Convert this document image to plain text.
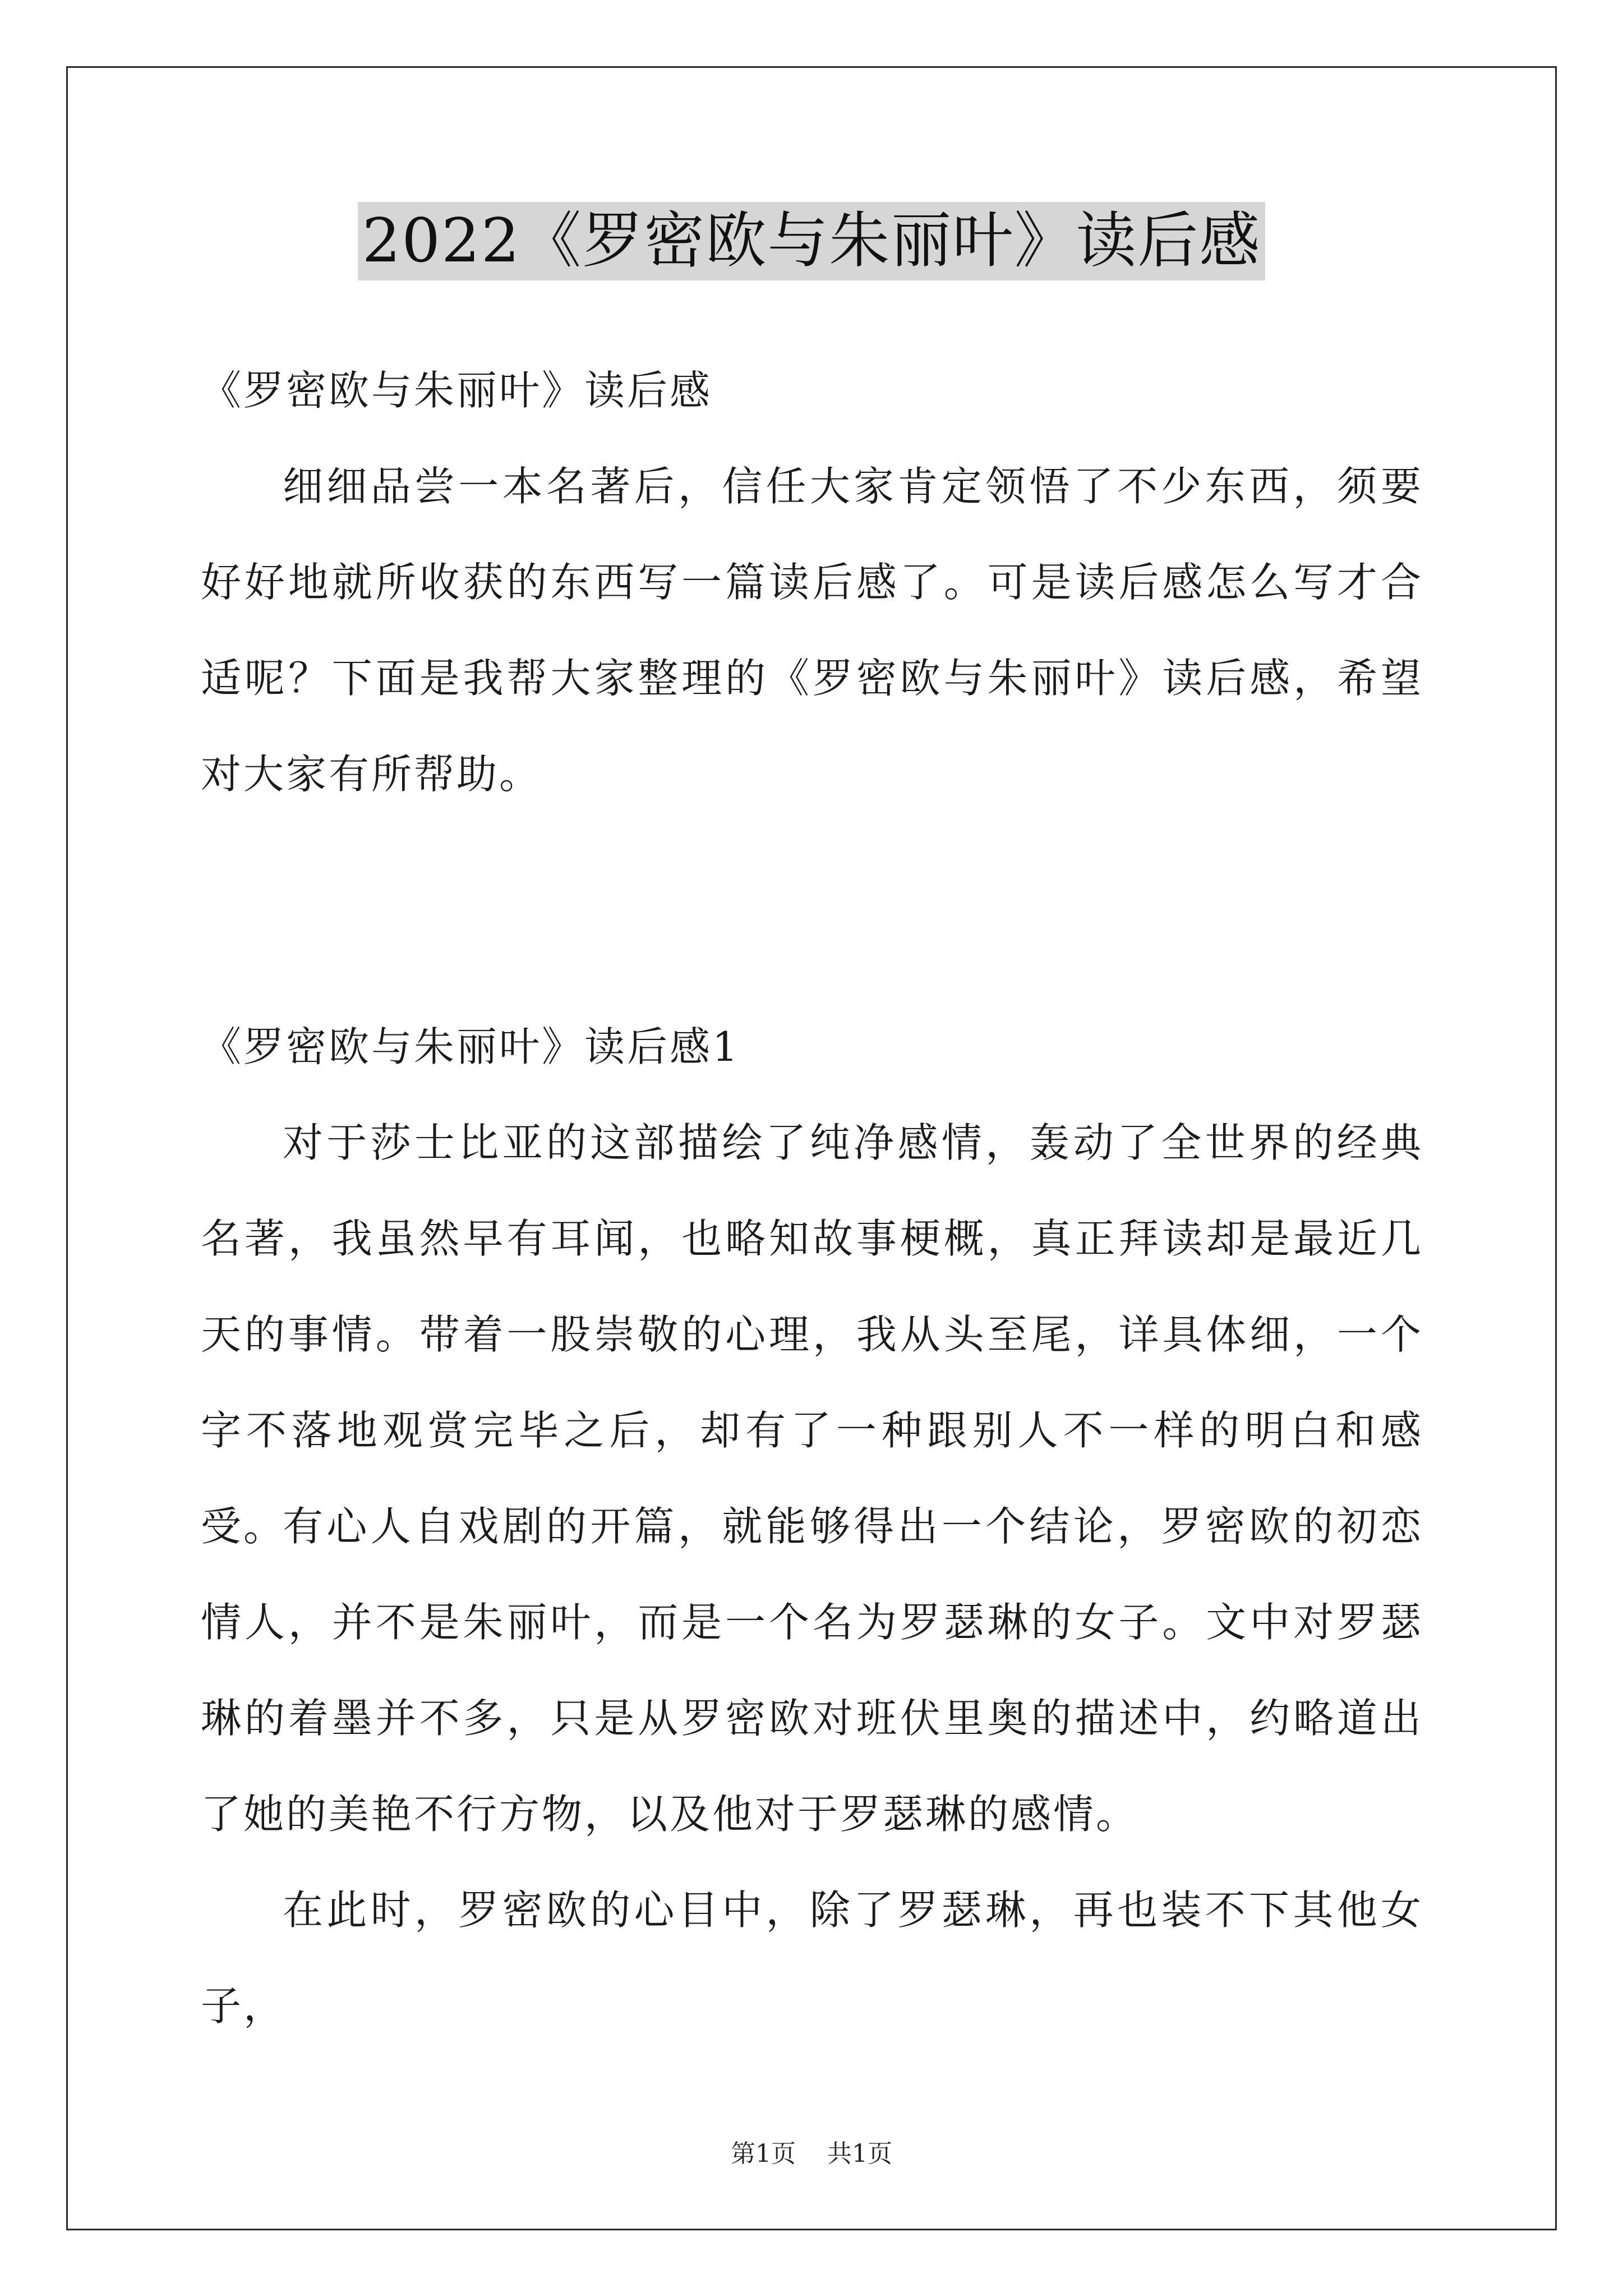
2022《罗密欧与朱丽叶》读后感

《罗密欧与朱丽叶》读后感

细细品尝一本名著后，信任大家肯定领悟了不少东西，须要好好地就所收获的东西写一篇读后感了。可是读后感怎么写才合适呢？下面是我帮大家整理的《罗密欧与朱丽叶》读后感，希望对大家有所帮助。

《罗密欧与朱丽叶》读后感1

对于莎士比亚的这部描绘了纯净感情，轰动了全世界的经典名著，我虽然早有耳闻，也略知故事梗概，真正拜读却是最近几天的事情。带着一股崇敬的心理，我从头至尾，详具体细，一个字不落地观赏完毕之后，却有了一种跟别人不一样的明白和感受。

有心人自戏剧的开篇，就能够得出一个结论，罗密欧的初恋情人，并不是朱丽叶，而是一个名为罗瑟琳的女子。文中对罗瑟琳的着墨并不多，只是从罗密欧对班伏里奥的描述中，约略道出了她的美艳不行方物，以及他对于罗瑟琳的感情。

在此时，罗密欧的心目中，除了罗瑟琳，再也装不下其他女子，

第1页 共1页
